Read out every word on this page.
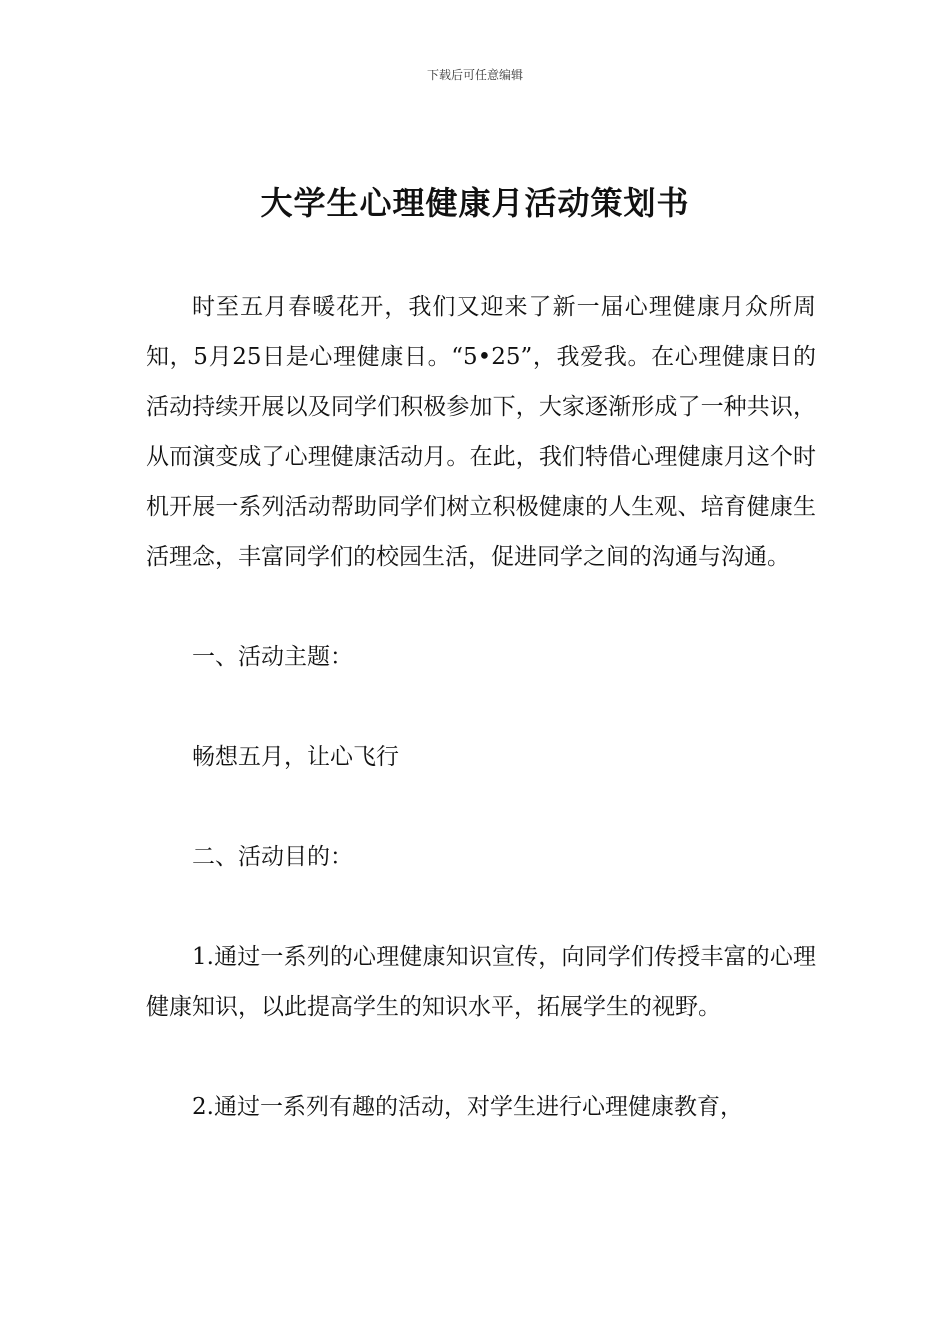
下载后可任意编辑
大学生心理健康月活动策划书

时至五月春暖花开，我们又迎来了新一届心理健康月众所周知，5月25日是心理健康日。“5•25”，我爱我。在心理健康日的活动持续开展以及同学们积极参加下，大家逐渐形成了一种共识，从而演变成了心理健康活动月。在此，我们特借心理健康月这个时机开展一系列活动帮助同学们树立积极健康的人生观、培育健康生活理念，丰富同学们的校园生活，促进同学之间的沟通与沟通。

一、活动主题：

畅想五月，让心飞行

二、活动目的：

1.通过一系列的心理健康知识宣传，向同学们传授丰富的心理健康知识，以此提高学生的知识水平，拓展学生的视野。

2.通过一系列有趣的活动，对学生进行心理健康教育，
